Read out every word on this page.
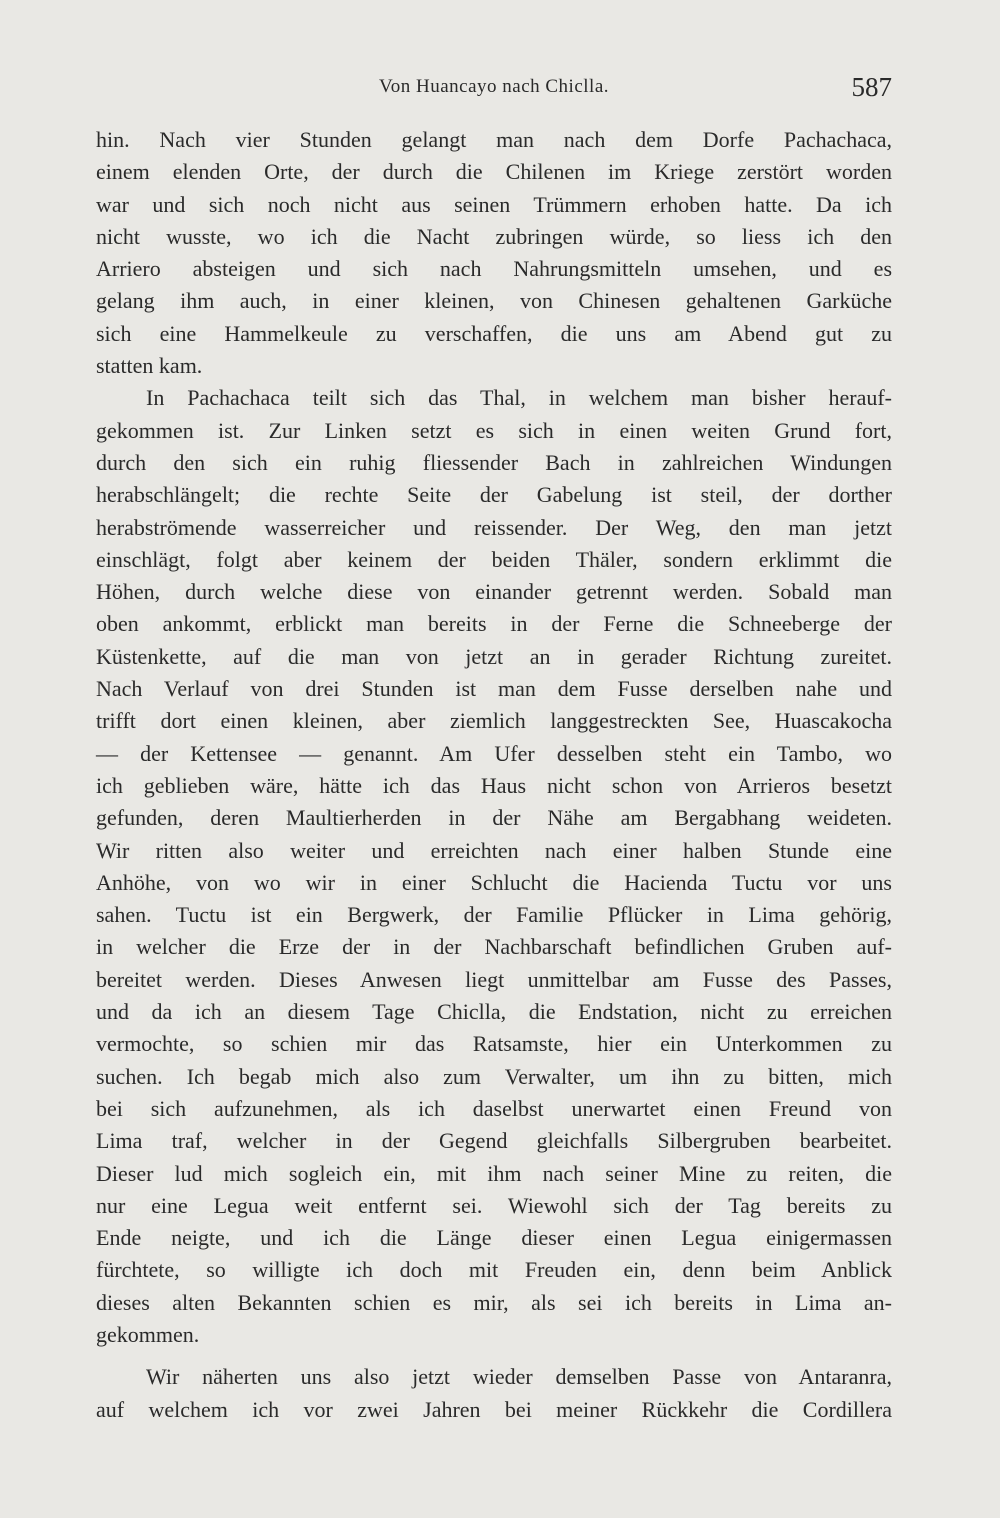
Von Huancayo nach Chiclla.	587
hin. Nach vier Stunden gelangt man nach dem Dorfe Pachachaca,
einem elenden Orte, der durch die Chilenen im Kriege zerstört worden
war und sich noch nicht aus seinen Trümmern erhoben hatte. Da ich
nicht wusste, wo ich die Nacht zubringen würde, so liess ich den
Arriero absteigen und sich nach Nahrungsmitteln umsehen, und es
gelang ihm auch, in einer kleinen, von Chinesen gehaltenen Garküche
sich eine Hammelkeule zu verschaffen, die uns am Abend gut zu
statten kam.
In Pachachaca teilt sich das Thal, in welchem man bisher herauf-
gekommen ist. Zur Linken setzt es sich in einen weiten Grund fort,
durch den sich ein ruhig fliessender Bach in zahlreichen Windungen
herabschlängelt; die rechte Seite der Gabelung ist steil, der dorther
herabströmende wasserreicher und reissender. Der Weg, den man jetzt
einschlägt, folgt aber keinem der beiden Thäler, sondern erklimmt die
Höhen, durch welche diese von einander getrennt werden. Sobald man
oben ankommt, erblickt man bereits in der Ferne die Schneeberge der
Küstenkette, auf die man von jetzt an in gerader Richtung zureitet.
Nach Verlauf von drei Stunden ist man dem Fusse derselben nahe und
trifft dort einen kleinen, aber ziemlich langgestreckten See, Huascakocha
— der Kettensee — genannt. Am Ufer desselben steht ein Tambo, wo
ich geblieben wäre, hätte ich das Haus nicht schon von Arrieros besetzt
gefunden, deren Maultierherden in der Nähe am Bergabhang weideten.
Wir ritten also weiter und erreichten nach einer halben Stunde eine
Anhöhe, von wo wir in einer Schlucht die Hacienda Tuctu vor uns
sahen. Tuctu ist ein Bergwerk, der Familie Pflücker in Lima gehörig,
in welcher die Erze der in der Nachbarschaft befindlichen Gruben auf-
bereitet werden. Dieses Anwesen liegt unmittelbar am Fusse des Passes,
und da ich an diesem Tage Chiclla, die Endstation, nicht zu erreichen
vermochte, so schien mir das Ratsamste, hier ein Unterkommen zu
suchen. Ich begab mich also zum Verwalter, um ihn zu bitten, mich
bei sich aufzunehmen, als ich daselbst unerwartet einen Freund von
Lima traf, welcher in der Gegend gleichfalls Silbergruben bearbeitet.
Dieser lud mich sogleich ein, mit ihm nach seiner Mine zu reiten, die
nur eine Legua weit entfernt sei. Wiewohl sich der Tag bereits zu
Ende neigte, und ich die Länge dieser einen Legua einigermassen
fürchtete, so willigte ich doch mit Freuden ein, denn beim Anblick
dieses alten Bekannten schien es mir, als sei ich bereits in Lima an-
gekommen.
Wir näherten uns also jetzt wieder demselben Passe von Antaranra,
auf welchem ich vor zwei Jahren bei meiner Rückkehr die Cordillera
